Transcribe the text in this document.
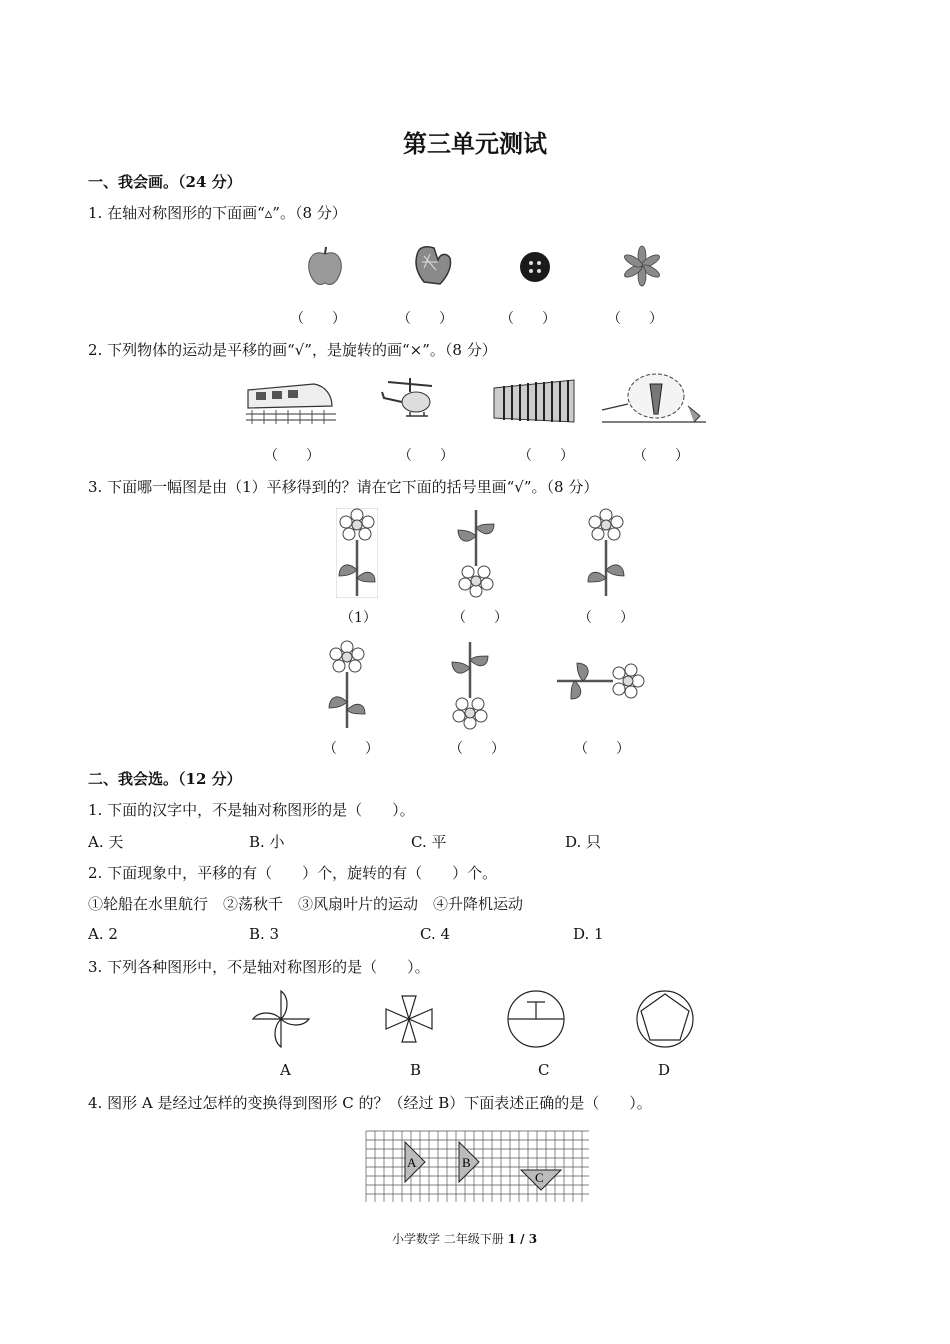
第三单元测试
一、我会画。（24 分）
1. 在轴对称图形的下面画“▵”。（8 分）
（　　）	（　　）	（　　）	（　　）
2. 下列物体的运动是平移的画“√”，是旋转的画“×”。（8 分）
（　　）	（　　）	（　　）	（　　）
3. 下面哪一幅图是由（1）平移得到的？请在它下面的括号里画“√”。（8 分）
（1）	（　　）	（　　）
（　　）	（　　）	（　　）
二、我会选。（12 分）
1. 下面的汉字中，不是轴对称图形的是（　　）。
A. 天	B. 小	C. 平	D. 只
2. 下面现象中，平移的有（　　）个，旋转的有（　　）个。
①轮船在水里航行　②荡秋千　③风扇叶片的运动　④升降机运动
A. 2	B. 3	C. 4	D. 1
3. 下列各种图形中，不是轴对称图形的是（　　）。
A	B	C	D
4. 图形 A 是经过怎样的变换得到图形 C 的？（经过 B）下面表述正确的是（　　）。
A	B
C
小学数学 二年级下册 1 / 3
